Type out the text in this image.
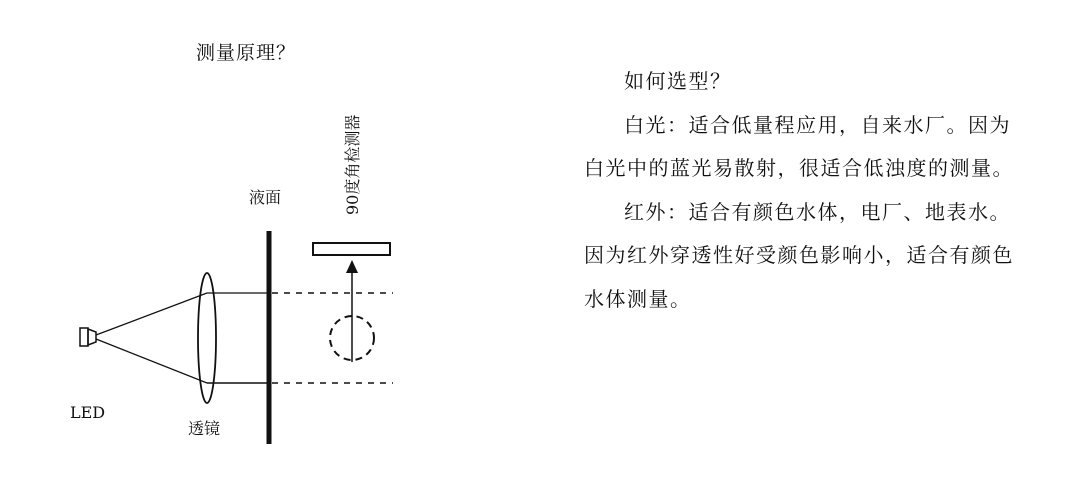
测量原理？
90度角检测器
液面
LED
透镜

如何选型？

白光：适合低量程应用，自来水厂。因为白光中的蓝光易散射，很适合低浊度的测量。

红外：适合有颜色水体，电厂、地表水。因为红外穿透性好受颜色影响小，适合有颜色水体测量。
